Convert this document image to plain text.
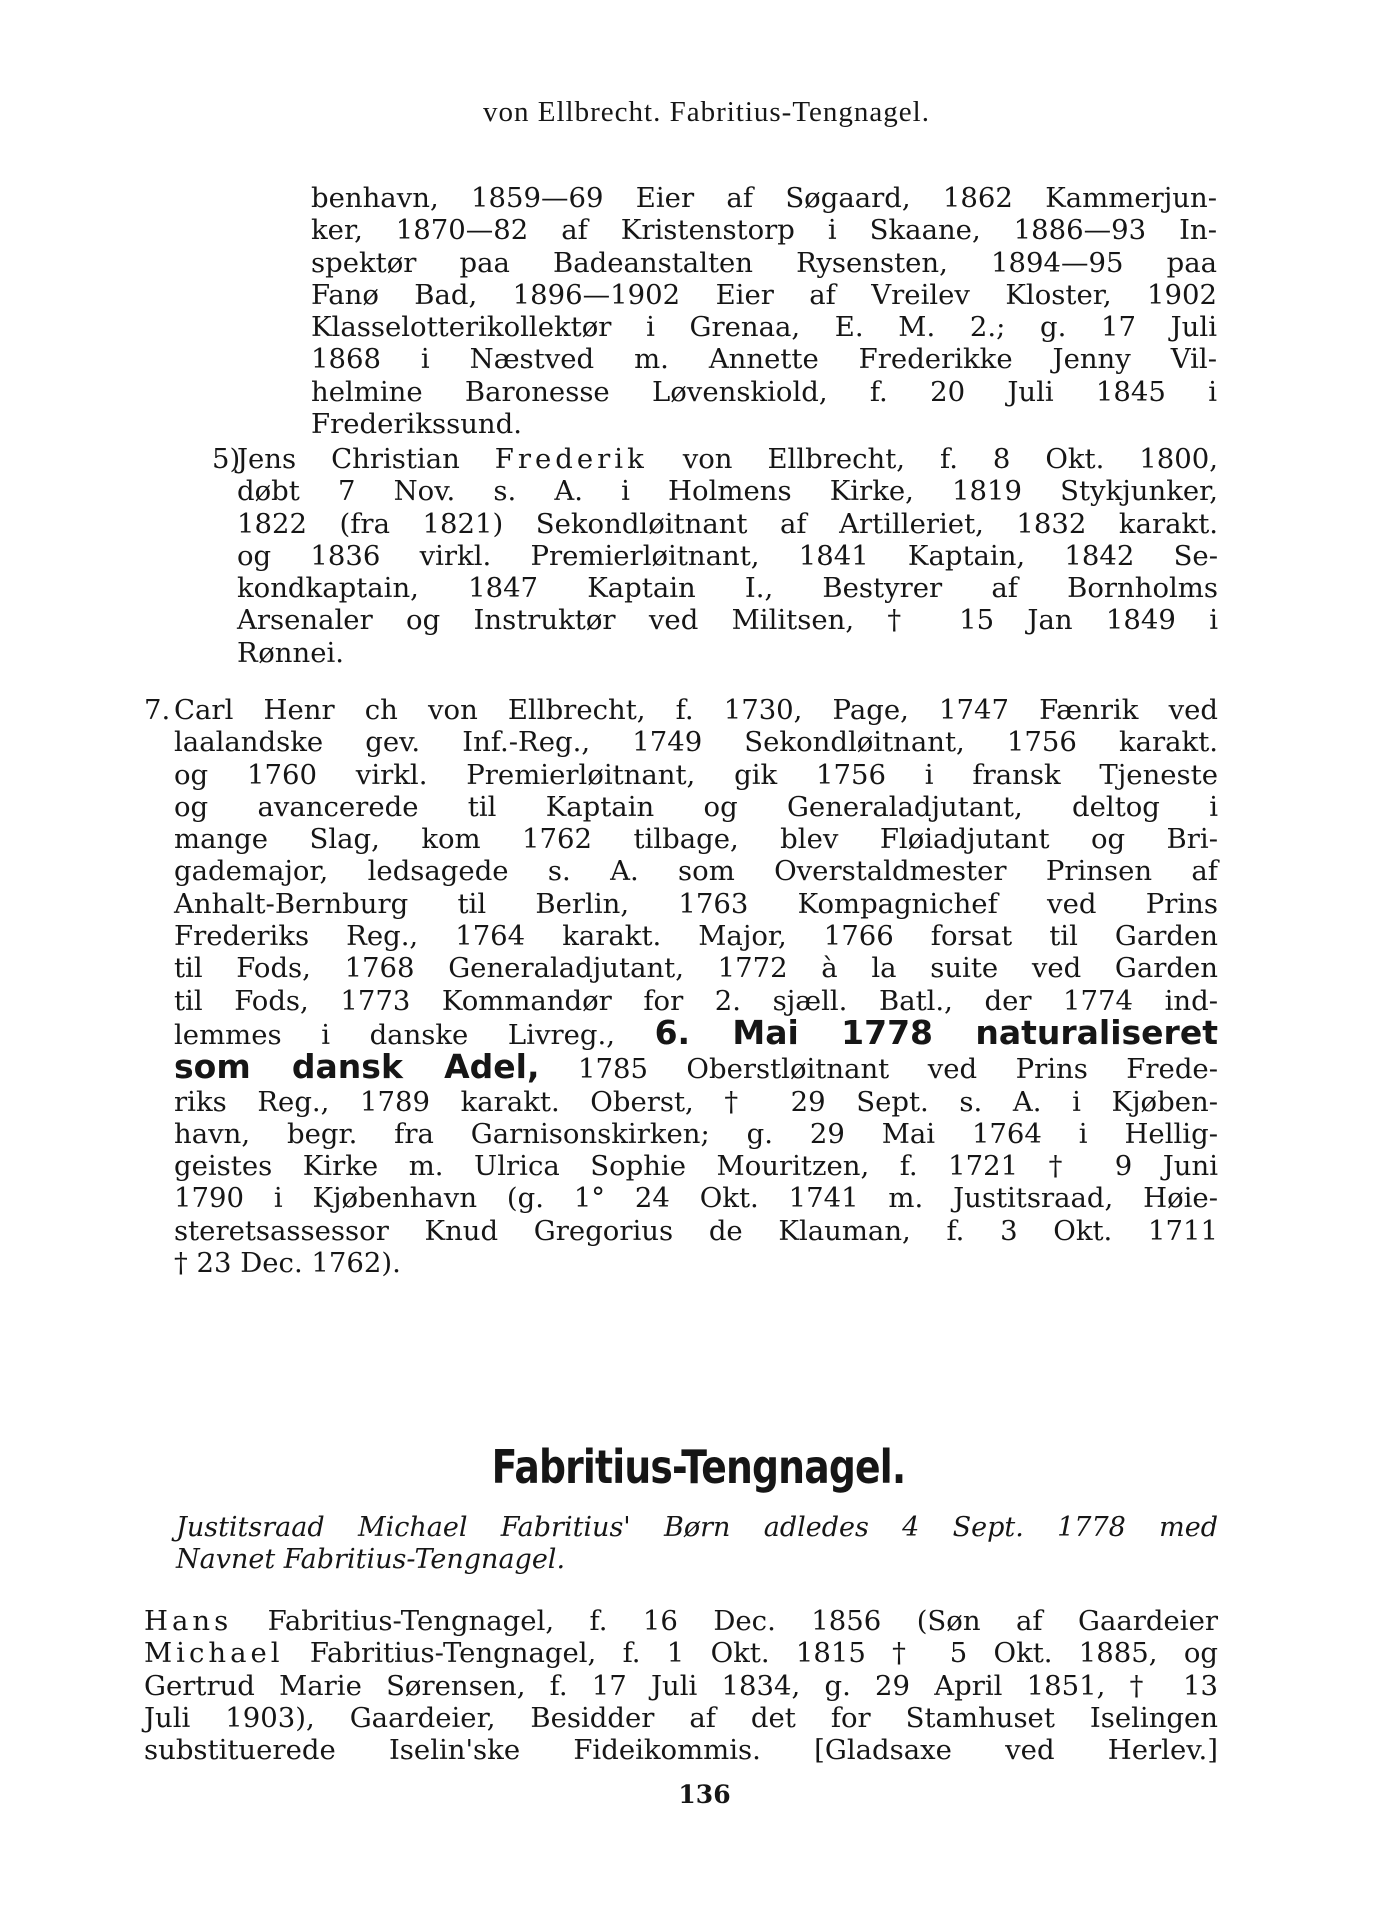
von Ellbrecht. Fabritius-Tengnagel.
benhavn, 1859—69 Eier af Søgaard, 1862 Kammerjun-
ker, 1870—82 af Kristenstorp i Skaane, 1886—93 In-
spektør paa Badeanstalten Rysensten, 1894—95 paa
Fanø Bad, 1896—1902 Eier af Vreilev Kloster, 1902
Klasselotterikollektør i Grenaa, E. M. 2.; g. 17 Juli
1868 i Næstved m. Annette Frederikke Jenny Vil-
helmine Baronesse Løvenskiold, f. 20 Juli 1845 i
Frederikssund.
5)
Jens Christian Frederik von Ellbrecht, f. 8 Okt. 1800,
døbt 7 Nov. s. A. i Holmens Kirke, 1819 Stykjunker,
1822 (fra 1821) Sekondløitnant af Artilleriet, 1832 karakt.
og 1836 virkl. Premierløitnant, 1841 Kaptain, 1842 Se-
kondkaptain, 1847 Kaptain I., Bestyrer af Bornholms
Arsenaler og Instruktør ved Militsen, † 15 Jan 1849 i
Rønnei.
7. Carl Henr ch von Ellbrecht, f. 1730, Page, 1747 Fænrik ved
laalandske gev. Inf.-Reg., 1749 Sekondløitnant, 1756 karakt.
og 1760 virkl. Premierløitnant, gik 1756 i fransk Tjeneste
og avancerede til Kaptain og Generaladjutant, deltog i
mange Slag, kom 1762 tilbage, blev Fløiadjutant og Bri-
gademajor, ledsagede s. A. som Overstaldmester Prinsen af
Anhalt-Bernburg til Berlin, 1763 Kompagnichef ved Prins
Frederiks Reg., 1764 karakt. Major, 1766 forsat til Garden
til Fods, 1768 Generaladjutant, 1772 à la suite ved Garden
til Fods, 1773 Kommandør for 2. sjæll. Batl., der 1774 ind-
lemmes i danske Livreg., 6. Mai 1778 naturaliseret
som dansk Adel, 1785 Oberstløitnant ved Prins Frede-
riks Reg., 1789 karakt. Oberst, † 29 Sept. s. A. i Kjøben-
havn, begr. fra Garnisonskirken; g. 29 Mai 1764 i Hellig-
geistes Kirke m. Ulrica Sophie Mouritzen, f. 1721 † 9 Juni
1790 i Kjøbenhavn (g. 1° 24 Okt. 1741 m. Justitsraad, Høie-
steretsassessor Knud Gregorius de Klauman, f. 3 Okt. 1711
† 23 Dec. 1762).
Fabritius-Tengnagel.
Justitsraad Michael Fabritius' Børn adledes 4 Sept. 1778 med
Navnet Fabritius-Tengnagel.
Hans Fabritius-Tengnagel, f. 16 Dec. 1856 (Søn af Gaardeier
Michael Fabritius-Tengnagel, f. 1 Okt. 1815 † 5 Okt. 1885, og
Gertrud Marie Sørensen, f. 17 Juli 1834, g. 29 April 1851, † 13
Juli 1903), Gaardeier, Besidder af det for Stamhuset Iselingen
substituerede Iselin'ske Fideikommis. [Gladsaxe ved Herlev.]
136
